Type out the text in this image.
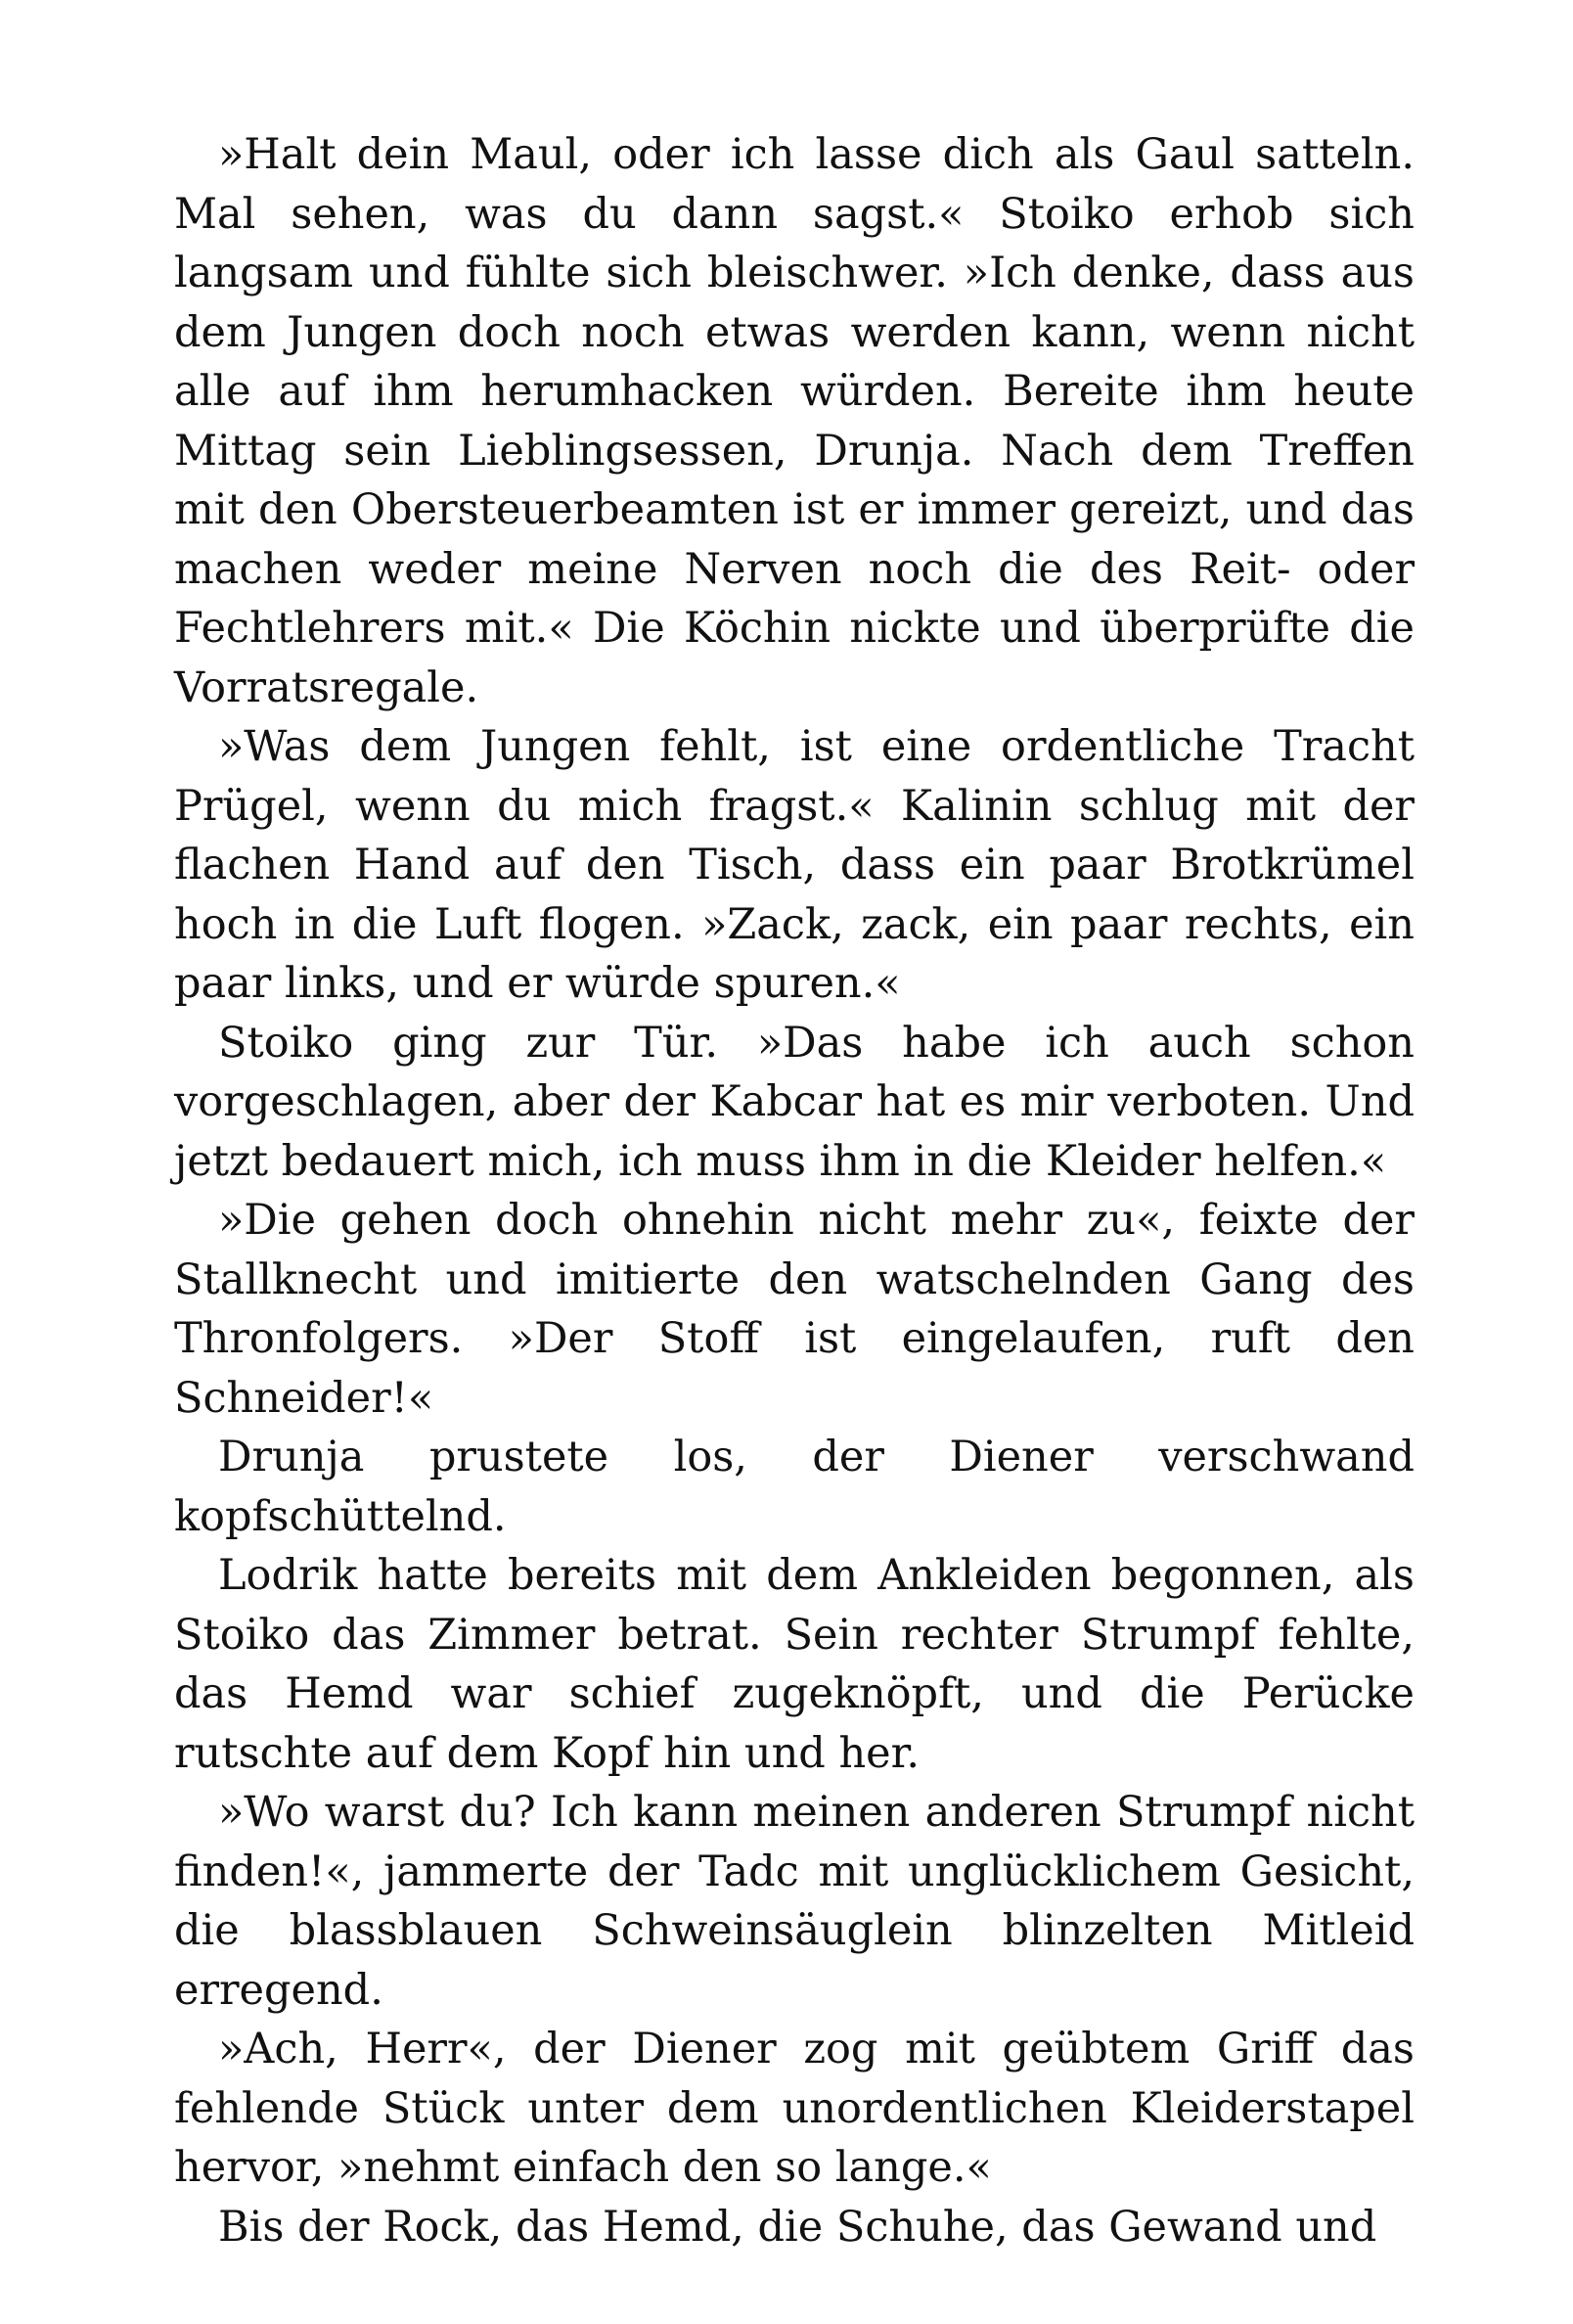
»Halt dein Maul, oder ich lasse dich als Gaul satteln. Mal sehen, was du dann sagst.« Stoiko erhob sich langsam und fühlte sich bleischwer. »Ich denke, dass aus dem Jungen doch noch etwas werden kann, wenn nicht alle auf ihm herumhacken würden. Bereite ihm heute Mittag sein Lieblingsessen, Drunja. Nach dem Treffen mit den Obersteuerbeamten ist er immer gereizt, und das machen weder meine Nerven noch die des Reit- oder Fechtlehrers mit.« Die Köchin nickte und überprüfte die Vorratsregale.

»Was dem Jungen fehlt, ist eine ordentliche Tracht Prügel, wenn du mich fragst.« Kalinin schlug mit der flachen Hand auf den Tisch, dass ein paar Brotkrümel hoch in die Luft flogen. »Zack, zack, ein paar rechts, ein paar links, und er würde spuren.«

Stoiko ging zur Tür. »Das habe ich auch schon vorgeschlagen, aber der Kabcar hat es mir verboten. Und jetzt bedauert mich, ich muss ihm in die Kleider helfen.«

»Die gehen doch ohnehin nicht mehr zu«, feixte der Stallknecht und imitierte den watschelnden Gang des Thronfolgers. »Der Stoff ist eingelaufen, ruft den Schneider!«

Drunja prustete los, der Diener verschwand kopfschüttelnd.

Lodrik hatte bereits mit dem Ankleiden begonnen, als Stoiko das Zimmer betrat. Sein rechter Strumpf fehlte, das Hemd war schief zugeknöpft, und die Perücke rutschte auf dem Kopf hin und her.

»Wo warst du? Ich kann meinen anderen Strumpf nicht finden!«, jammerte der Tadc mit unglücklichem Gesicht, die blassblauen Schweinsäuglein blinzelten Mitleid erregend.

»Ach, Herr«, der Diener zog mit geübtem Griff das fehlende Stück unter dem unordentlichen Kleiderstapel hervor, »nehmt einfach den so lange.«

Bis der Rock, das Hemd, die Schuhe, das Gewand und
